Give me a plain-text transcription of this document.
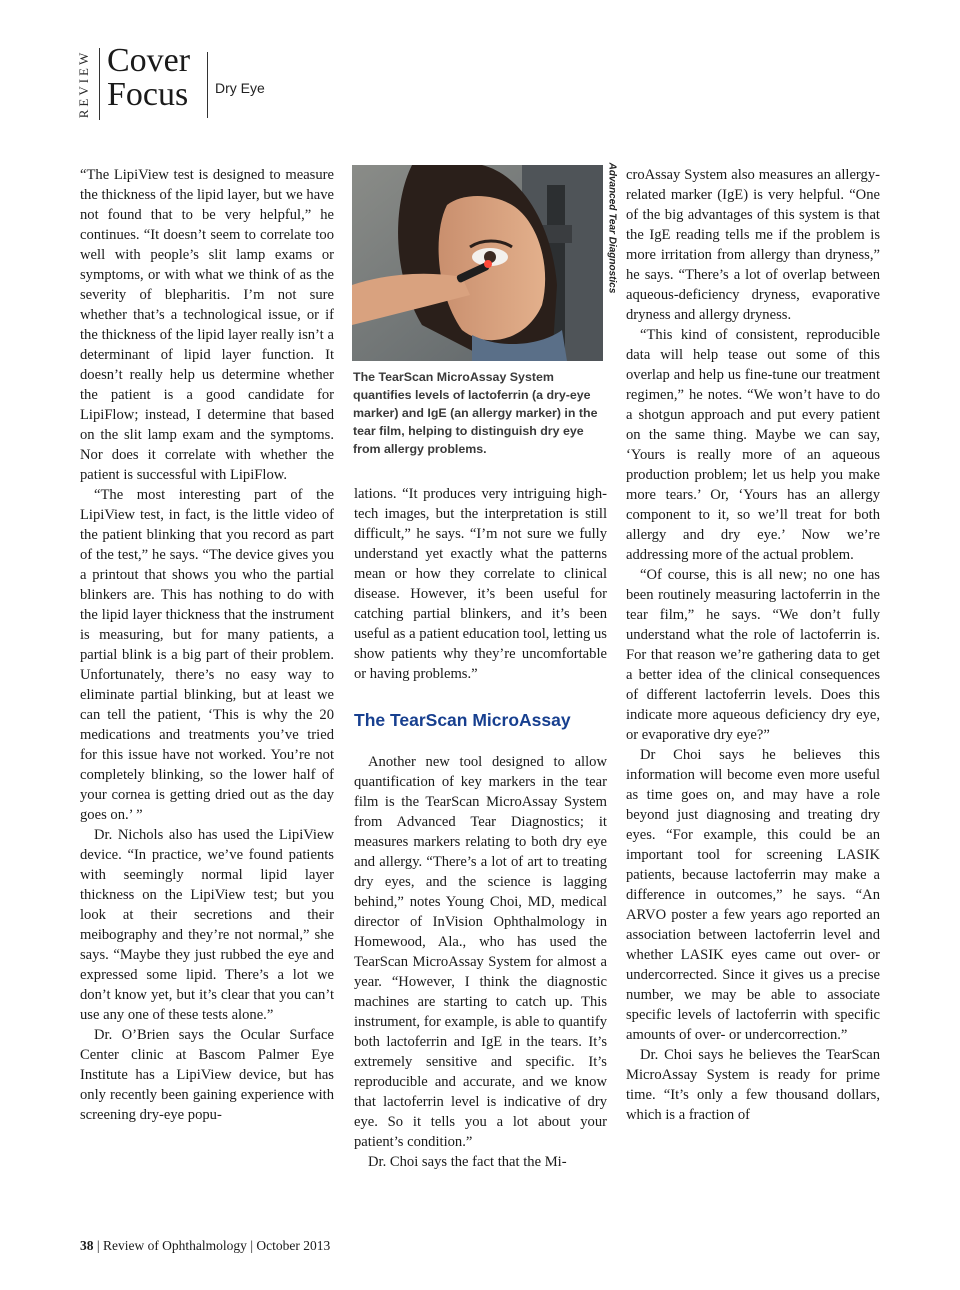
REVIEW Cover
Focus Dry Eye

“The LipiView test is designed to measure the thickness of the lipid layer, but we have not found that to be very helpful,” he continues. “It doesn’t seem to correlate too well with people’s slit lamp exams or symptoms, or with what we think of as the severity of blepharitis. I’m not sure whether that’s a technological issue, or if the thickness of the lipid layer really isn’t a determinant of lipid layer function. It doesn’t really help us determine whether the patient is a good candidate for LipiFlow; instead, I determine that based on the slit lamp exam and the symptoms. Nor does it correlate with whether the patient is successful with LipiFlow.

“The most interesting part of the LipiView test, in fact, is the little video of the patient blinking that you record as part of the test,” he says. “The device gives you a printout that shows you who the partial blinkers are. This has nothing to do with the lipid layer thickness that the instrument is measuring, but for many patients, a partial blink is a big part of their problem. Unfortunately, there’s no easy way to eliminate partial blinking, but at least we can tell the patient, ‘This is why the 20 medications and treatments you’ve tried for this issue have not worked. You’re not completely blinking, so the lower half of your cornea is getting dried out as the day goes on.’ ”

Dr. Nichols also has used the LipiView device. “In practice, we’ve found patients with seemingly normal lipid layer thickness on the LipiView test; but you look at their secretions and their meibography and they’re not normal,” she says. “Maybe they just rubbed the eye and expressed some lipid. There’s a lot we don’t know yet, but it’s clear that you can’t use any one of these tests alone.”

Dr. O’Brien says the Ocular Surface Center clinic at Bascom Palmer Eye Institute has a LipiView device, but has only recently been gaining experience with screening dry-eye popu-

Advanced Tear Diagnostics
The TearScan MicroAssay System quantifies levels of lactoferrin (a dry-eye marker) and IgE (an allergy marker) in the tear film, helping to distinguish dry eye from allergy problems.

lations. “It produces very intriguing high-tech images, but the interpretation is still difficult,” he says. “I’m not sure we fully understand yet exactly what the patterns mean or how they correlate to clinical disease. However, it’s been useful for catching partial blinkers, and it’s been useful as a patient education tool, letting us show patients why they’re uncomfortable or having problems.”

The TearScan MicroAssay

Another new tool designed to allow quantification of key markers in the tear film is the TearScan MicroAssay System from Advanced Tear Diagnostics; it measures markers relating to both dry eye and allergy. “There’s a lot of art to treating dry eyes, and the science is lagging behind,” notes Young Choi, MD, medical director of InVision Ophthalmology in Homewood, Ala., who has used the TearScan MicroAssay System for almost a year. “However, I think the diagnostic machines are starting to catch up. This instrument, for example, is able to quantify both lactoferrin and IgE in the tears. It’s extremely sensitive and specific. It’s reproducible and accurate, and we know that lactoferrin level is indicative of dry eye. So it tells you a lot about your patient’s condition.”

Dr. Choi says the fact that the Mi-

croAssay System also measures an allergy-related marker (IgE) is very helpful. “One of the big advantages of this system is that the IgE reading tells me if the problem is more irritation from allergy than dryness,” he says. “There’s a lot of overlap between aqueous-deficiency dryness, evaporative dryness and allergy dryness.

“This kind of consistent, reproducible data will help tease out some of this overlap and help us fine-tune our treatment regimen,” he notes. “We won’t have to do a shotgun approach and put every patient on the same thing. Maybe we can say, ‘Yours is really more of an aqueous production problem; let us help you make more tears.’ Or, ‘Yours has an allergy component to it, so we’ll treat for both allergy and dry eye.’ Now we’re addressing more of the actual problem.

“Of course, this is all new; no one has been routinely measuring lactoferrin in the tear film,” he says. “We don’t fully understand what the role of lactoferrin is. For that reason we’re gathering data to get a better idea of the clinical consequences of different lactoferrin levels. Does this indicate more aqueous deficiency dry eye, or evaporative dry eye?”

Dr Choi says he believes this information will become even more useful as time goes on, and may have a role beyond just diagnosing and treating dry eyes. “For example, this could be an important tool for screening LASIK patients, because lactoferrin may make a difference in outcomes,” he says. “An ARVO poster a few years ago reported an association between lactoferrin level and whether LASIK eyes came out over- or undercorrected. Since it gives us a precise number, we may be able to associate specific levels of lactoferrin with specific amounts of over- or undercorrection.”

Dr. Choi says he believes the TearScan MicroAssay System is ready for prime time. “It’s only a few thousand dollars, which is a fraction of

38 | Review of Ophthalmology | October 2013
